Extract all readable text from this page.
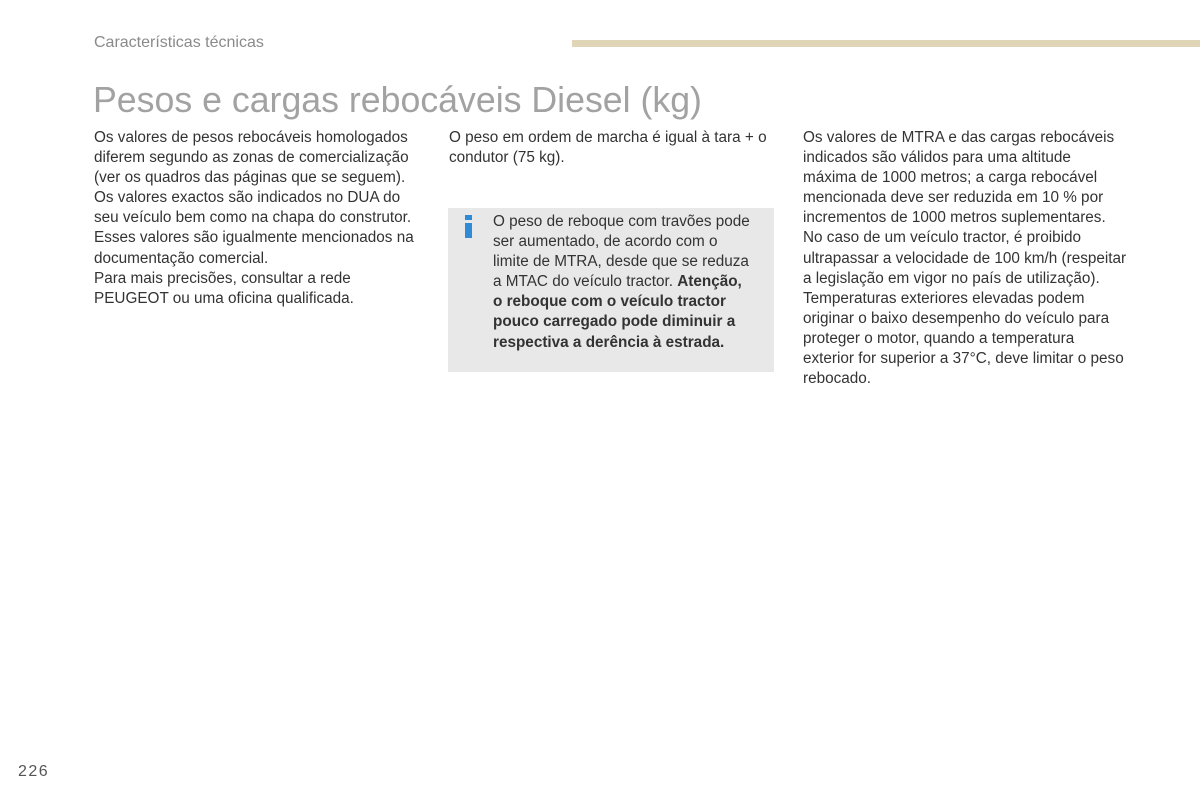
Características técnicas
Pesos e cargas rebocáveis Diesel (kg)
Os valores de pesos rebocáveis homologados
diferem segundo as zonas de comercialização
(ver os quadros das páginas que se seguem).
Os valores exactos são indicados no DUA do
seu veículo bem como na chapa do construtor.
Esses valores são igualmente mencionados na
documentação comercial.
Para mais precisões, consultar a rede
PEUGEOT ou uma oficina qualificada.
O peso em ordem de marcha é igual à tara + o
condutor (75 kg).
O peso de reboque com travões pode
ser aumentado, de acordo com o
limite de MTRA, desde que se reduza
a MTAC do veículo tractor. Atenção,
o reboque com o veículo tractor
pouco carregado pode diminuir a
respectiva a derência à estrada.
Os valores de MTRA e das cargas rebocáveis
indicados são válidos para uma altitude
máxima de 1000 metros; a carga rebocável
mencionada deve ser reduzida em 10 % por
incrementos de 1000 metros suplementares.
No caso de um veículo tractor, é proibido
ultrapassar a velocidade de 100 km/h (respeitar
a legislação em vigor no país de utilização).
Temperaturas exteriores elevadas podem
originar o baixo desempenho do veículo para
proteger o motor, quando a temperatura
exterior for superior a 37°C, deve limitar o peso
rebocado.
226
